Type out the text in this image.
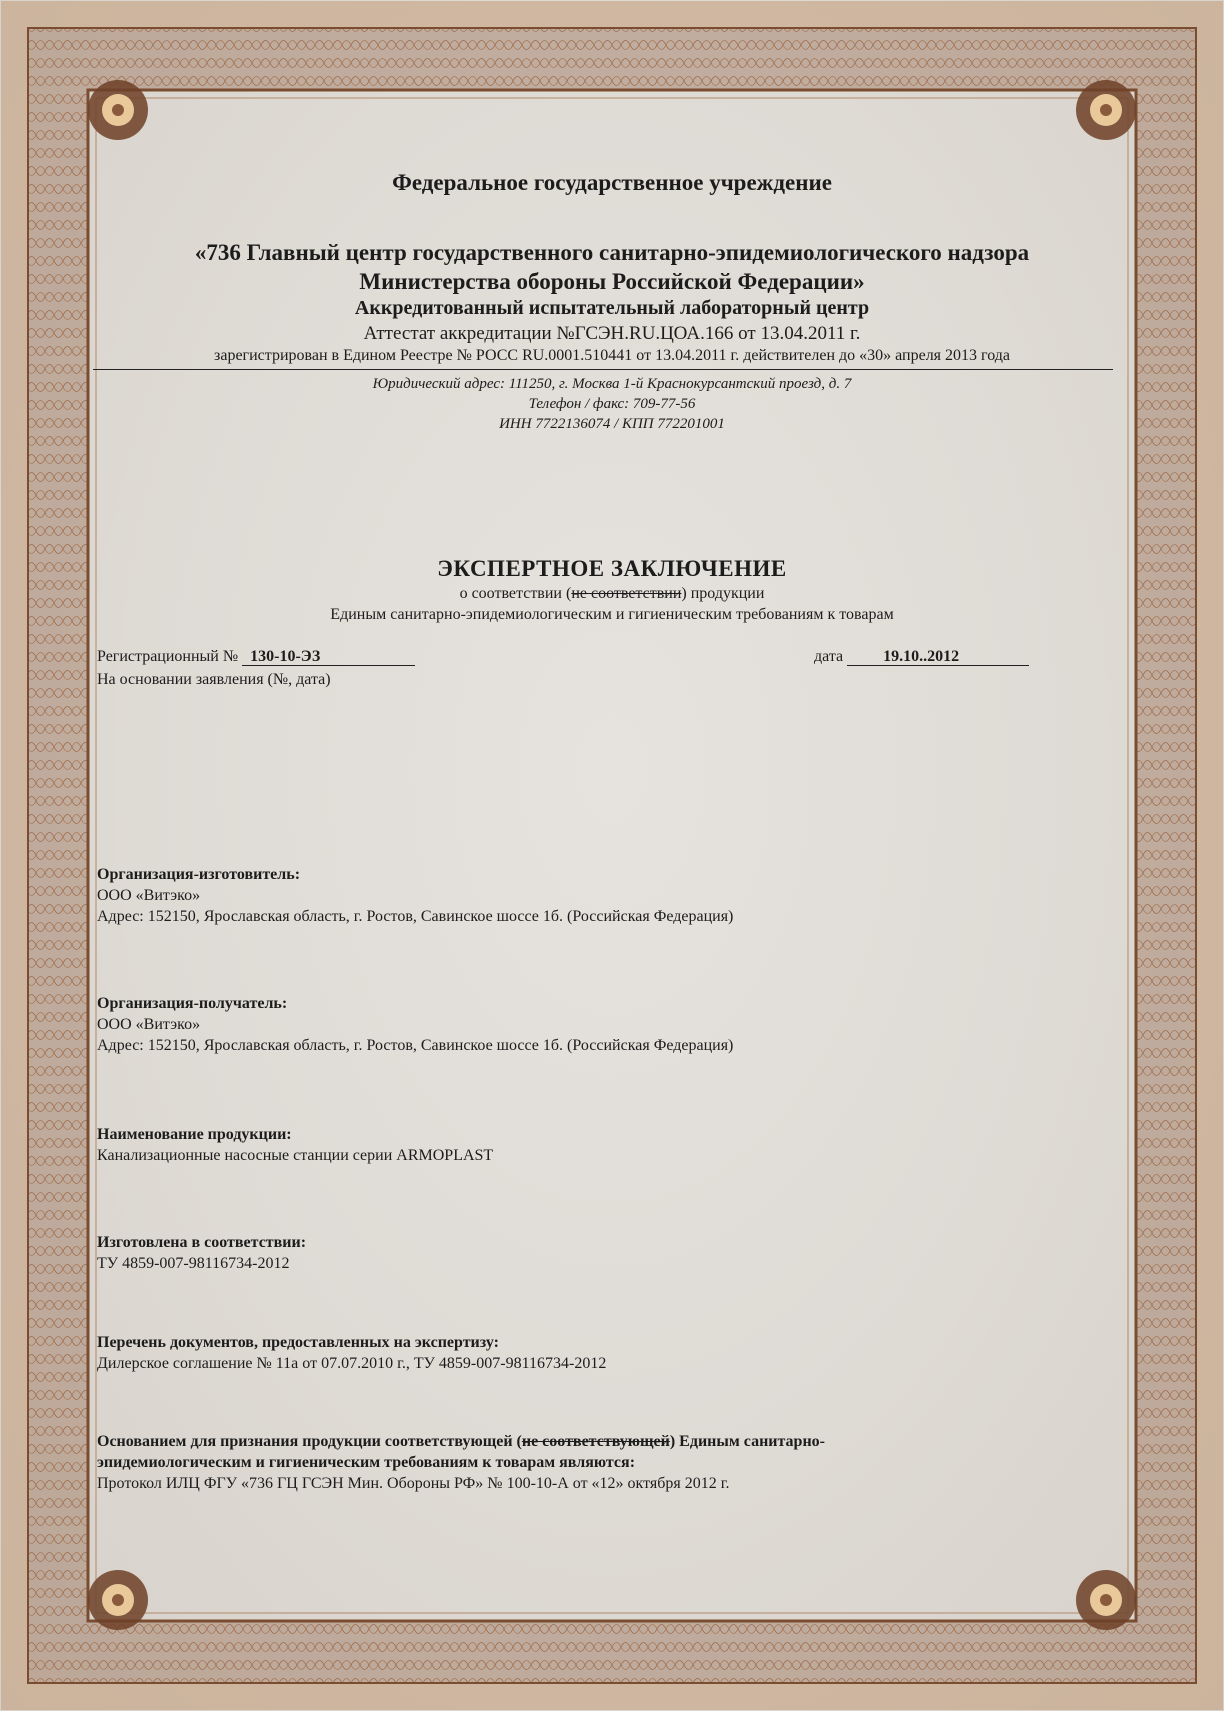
Федеральное государственное учреждение
«736 Главный центр государственного санитарно-эпидемиологического надзора
Министерства обороны Российской Федерации»
Аккредитованный испытательный лабораторный центр
Аттестат аккредитации №ГСЭН.RU.ЦОА.166 от 13.04.2011 г.
зарегистрирован в Едином Реестре № РОСС RU.0001.510441 от 13.04.2011 г. действителен до «30» апреля 2013 года
Юридический адрес: 111250, г. Москва 1-й Краснокурсантский проезд, д. 7
Телефон / факс: 709-77-56
ИНН 7722136074 / КПП 772201001
ЭКСПЕРТНОЕ ЗАКЛЮЧЕНИЕ
о соответствии (не соответствии) продукции
Единым санитарно-эпидемиологическим и гигиеническим требованиям к товарам
Регистрационный № 130-10-ЭЗ	дата	19.10..2012
На основании заявления (№, дата)
Организация-изготовитель:
ООО «Витэко»
Адрес: 152150, Ярославская область, г. Ростов, Савинское шоссе 1б. (Российская Федерация)
Организация-получатель:
ООО «Витэко»
Адрес: 152150, Ярославская область, г. Ростов, Савинское шоссе 1б. (Российская Федерация)
Наименование продукции:
Канализационные насосные станции серии ARMOPLAST
Изготовлена в соответствии:
ТУ 4859-007-98116734-2012
Перечень документов, предоставленных на экспертизу:
Дилерское соглашение № 11а от 07.07.2010 г., ТУ 4859-007-98116734-2012
Основанием для признания продукции соответствующей (не соответствующей) Единым санитарно-
эпидемиологическим и гигиеническим требованиям к товарам являются:
Протокол ИЛЦ ФГУ «736 ГЦ ГСЭН Мин. Обороны РФ» № 100-10-А от «12» октября 2012 г.
